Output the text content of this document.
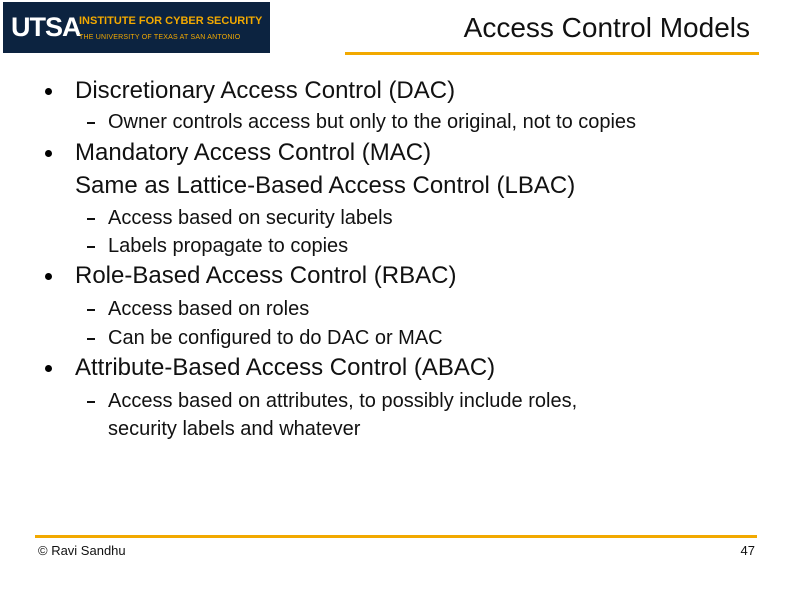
UTSA
INSTITUTE FOR CYBER SECURITY
THE UNIVERSITY OF TEXAS AT SAN ANTONIO	Access Control Models
Discretionary Access Control (DAC)
Owner controls access but only to the original, not to copies
Mandatory Access Control (MAC)
Same as Lattice-Based Access Control (LBAC)
Access based on security labels
Labels propagate to copies
Role-Based Access Control (RBAC)
Access based on roles
Can be configured to do DAC or MAC
Attribute-Based Access Control (ABAC)
Access based on attributes, to possibly include roles,
security labels and whatever
© Ravi Sandhu	47
